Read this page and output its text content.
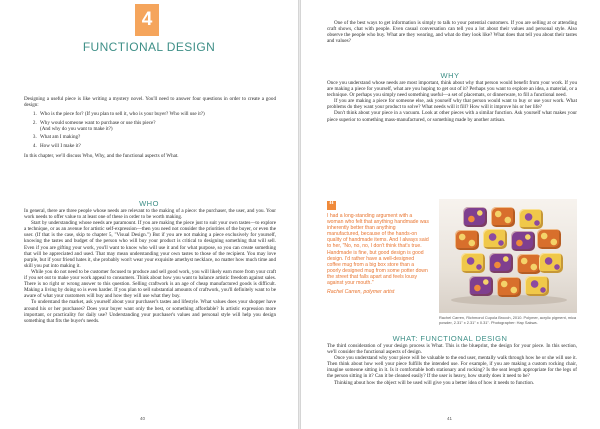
4
FUNCTIONAL DESIGN

Designing a useful piece is like writing a mystery novel. You'll need to answer four questions in order to create a good design:

1. Who is the piece for? (If you plan to sell it, who is your buyer? Who will use it?)
2. Why would someone want to purchase or use this piece?
(And why do you want to make it?)
3. What am I making?
4. How will I make it?

In this chapter, we'll discuss Who, Why, and the functional aspects of What.

WHO

In general, there are three people whose needs are relevant to the making of a piece: the purchaser, the user, and you. Your work needs to offer value to at least one of these in order to be worth making.

Start by understanding whose needs are paramount. If you are making the piece just to suit your own tastes—to explore a technique, or as an avenue for artistic self-expression—then you need not consider the priorities of the buyer, or even the user. (If that is the case, skip to chapter 5, "Visual Design.") But if you are not making a piece exclusively for yourself, knowing the tastes and budget of the person who will buy your product is critical to designing something that will sell. Even if you are gifting your work, you'll want to know who will use it and for what purpose, so you can create something that will be appreciated and used. That may mean understanding your own tastes to those of the recipient. You may love purple, but if your friend hates it, she probably won't wear your exquisite amethyst necklace, no matter how much time and skill you put into making it.

While you do not need to be customer focused to produce and sell good work, you will likely earn more from your craft if you set out to make your work appeal to consumers. Think about how you want to balance artistic freedom against sales. There is no right or wrong answer to this question. Selling craftwork is an age of cheap manufactured goods is difficult. Making a living by doing so is even harder. If you plan to sell substantial amounts of craftwork, you'll definitely want to be aware of what your customers will buy and how they will use what they buy.

To understand the market, ask yourself about your purchaser's tastes and lifestyle. What values does your shopper have around his or her purchases? Does your buyer want only the best, or something affordable? Is artistic expression more important, or practicality for daily use? Understanding your purchaser's values and personal style will help you design something that fits the buyer's needs.

40

One of the best ways to get information is simply to talk to your potential customers. If you are selling at or attending craft shows, chat with people. Even casual conversation can tell you a lot about their values and personal style. Also observe the people who buy. What are they wearing, and what do they look like? What does that tell you about their tastes and values?

WHY

Once you understand whose needs are most important, think about why that person would benefit from your work. If you are making a piece for yourself, what are you hoping to get out of it? Perhaps you want to explore an idea, a material, or a technique. Or perhaps you simply need something useful—a set of placemats, or dinnerware, to fill a functional need.

If you are making a piece for someone else, ask yourself why that person would want to buy or use your work. What problems do they want your product to solve? What needs will it fill? How will it improve his or her life?

Don't think about your piece in a vacuum. Look at other pieces with a similar function. Ask yourself what makes your piece superior to something mass-manufactured, or something made by another artisan.

“
I had a long-standing argument with a woman who felt that anything handmade was inherently better than anything manufactured, because of the hands-on quality of handmade items. And I always said to her, "No, no, no, I don't think that's true. Handmade is fine, but good design is good design. I'd rather have a well-designed coffee mug from a big box store than a poorly designed mug from some potter down the street that falls apart and feels lousy against your mouth."
Rachel Carren, polymer artist
Rachel Carren, Richmond Cupola Brooch, 2010. Polymer, acrylic pigment, mica powder, 2.31" x 2.31" x 0.31". Photographer: Hap Sakwa.
WHAT: FUNCTIONAL DESIGN

The third consideration of your design process is What. This is the blueprint, the design for your piece. In this section, we'll consider the functional aspects of design.

Once you understand why your piece will be valuable to the end user, mentally walk through how he or she will use it. Then think about how well your piece fulfills the intended use. For example, if you are making a custom rocking chair, imagine someone sitting in it. Is it comfortable both stationary and rocking? Is the seat length appropriate for the legs of the person sitting in it? Can it be cleaned easily? If the user is heavy, how sturdy does it need to be?

Thinking about how the object will be used will give you a better idea of how it needs to function.

41
